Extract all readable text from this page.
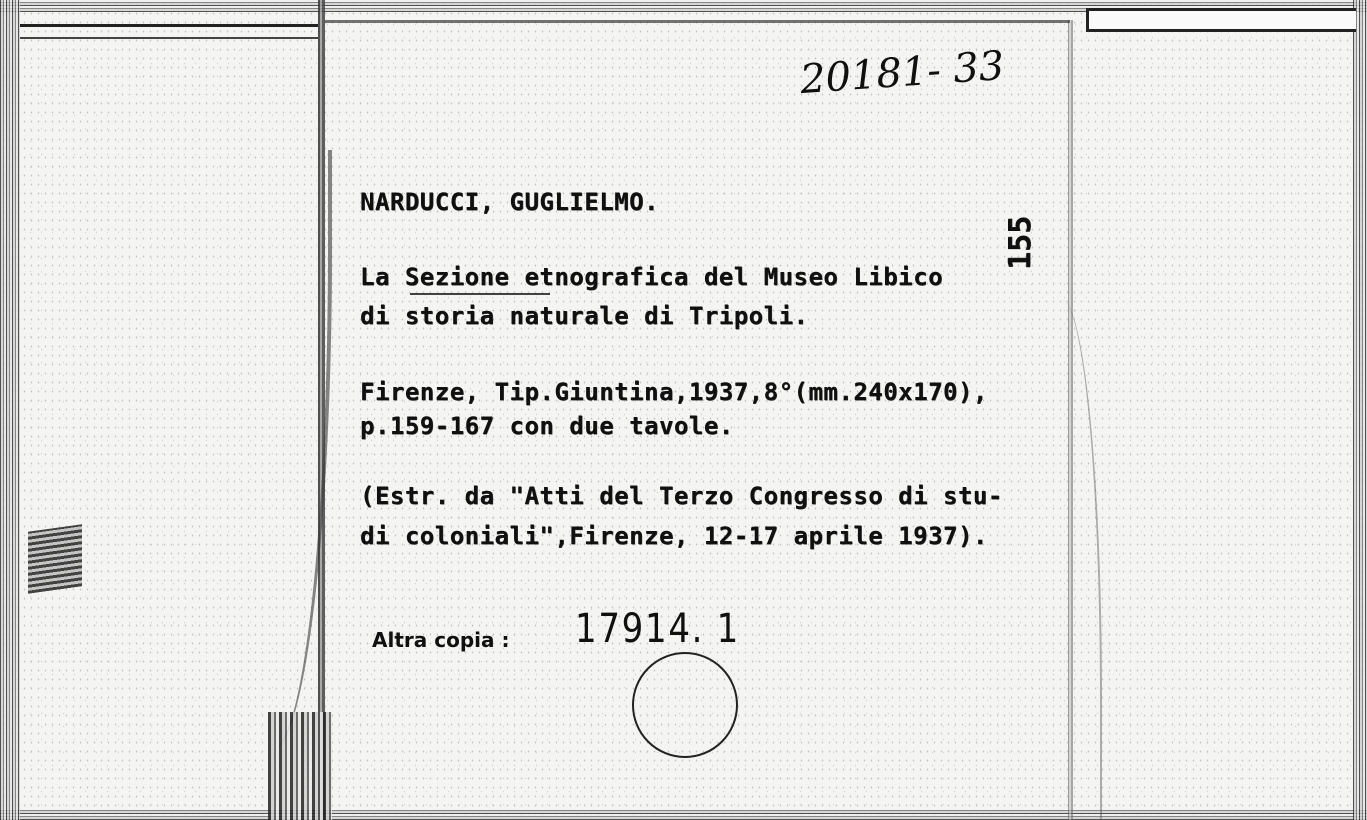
20181- 33
155
NARDUCCI, GUGLIELMO.
La Sezione etnografica del Museo Libico
di storia naturale di Tripoli.
Firenze, Tip.Giuntina,1937,8°(mm.240x170),
p.159-167 con due tavole.
(Estr. da "Atti del Terzo Congresso di stu-
di coloniali",Firenze, 12-17 aprile 1937).
Altra copia : 17914. 1
